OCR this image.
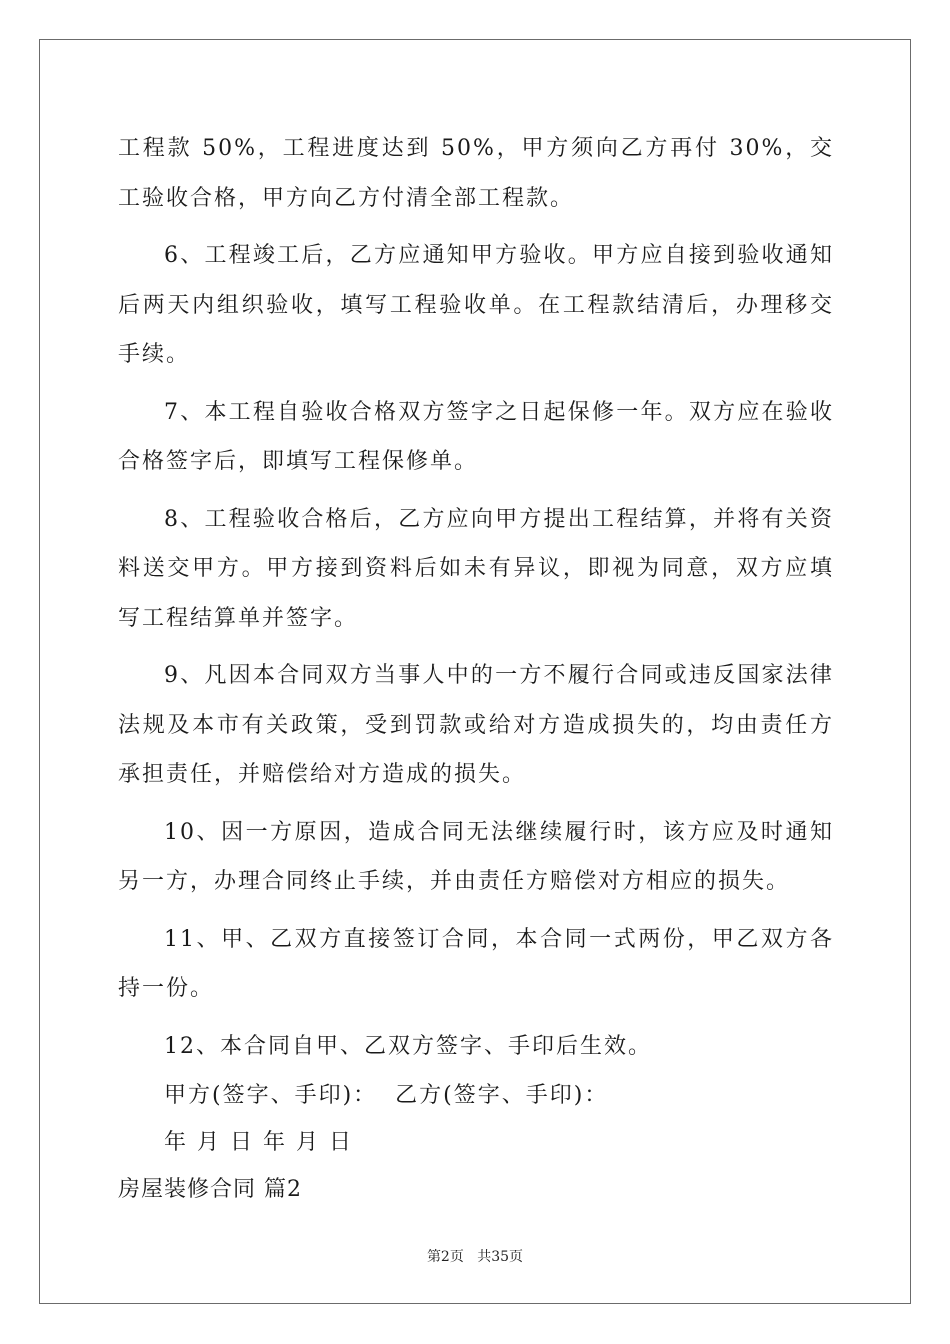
工程款 50%，工程进度达到 50%，甲方须向乙方再付 30%，交工验收合格，甲方向乙方付清全部工程款。

6、工程竣工后，乙方应通知甲方验收。甲方应自接到验收通知后两天内组织验收，填写工程验收单。在工程款结清后，办理移交手续。

7、本工程自验收合格双方签字之日起保修一年。双方应在验收合格签字后，即填写工程保修单。

8、工程验收合格后，乙方应向甲方提出工程结算，并将有关资料送交甲方。甲方接到资料后如未有异议，即视为同意，双方应填写工程结算单并签字。

9、凡因本合同双方当事人中的一方不履行合同或违反国家法律法规及本市有关政策，受到罚款或给对方造成损失的，均由责任方承担责任，并赔偿给对方造成的损失。

10、因一方原因，造成合同无法继续履行时，该方应及时通知另一方，办理合同终止手续，并由责任方赔偿对方相应的损失。

11、甲、乙双方直接签订合同，本合同一式两份，甲乙双方各持一份。

12、本合同自甲、乙双方签字、手印后生效。

甲方(签字、手印)：  乙方(签字、手印)：

年 月 日 年 月 日

房屋装修合同 篇2

第2页 共35页
